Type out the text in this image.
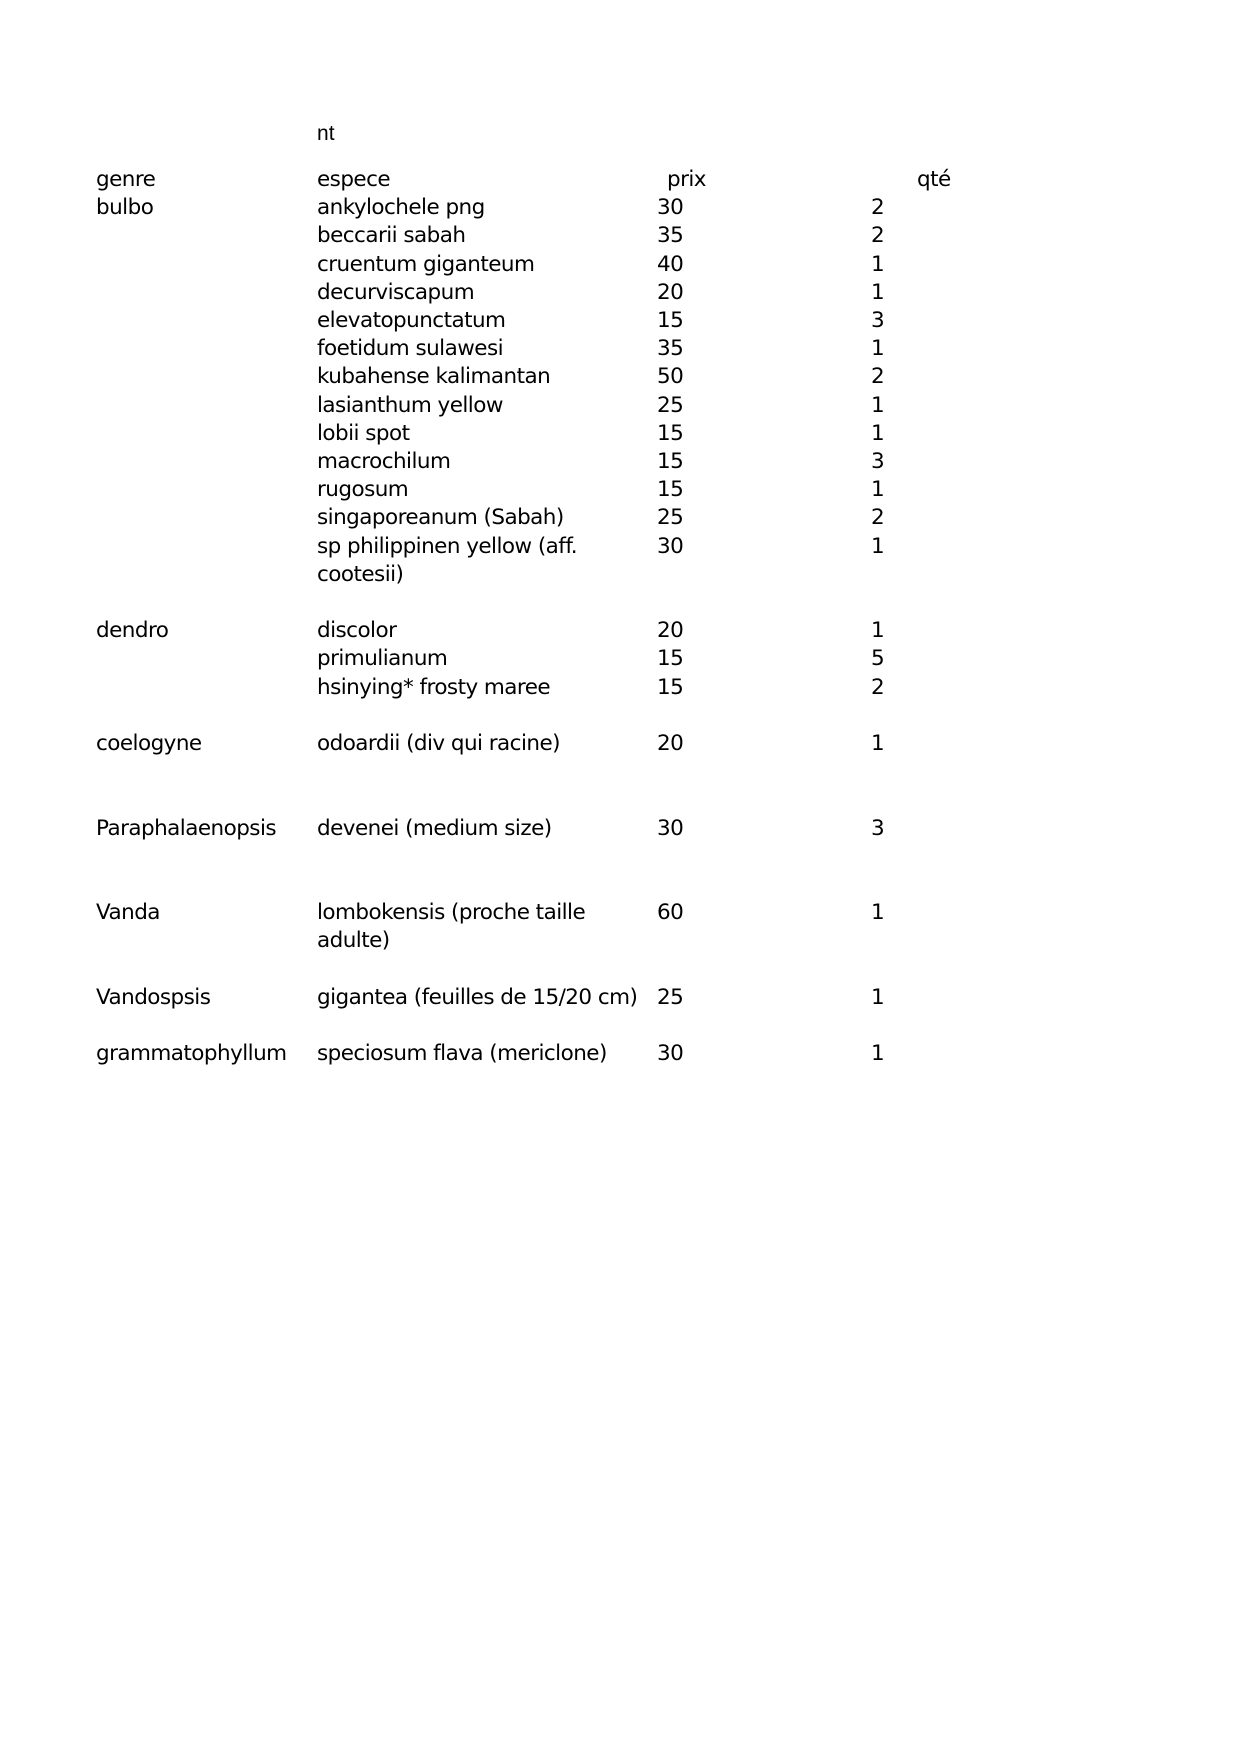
nt
genre	espece	prix	qté	
bulbo	ankylochele png	30	2	
	beccarii sabah	35	2	
	cruentum giganteum	40	1	
	decurviscapum	20	1	
	elevatopunctatum	15	3	
	foetidum sulawesi	35	1	
	kubahense kalimantan	50	2	
	lasianthum yellow	25	1	
	lobii spot	15	1	
	macrochilum	15	3	
	rugosum	15	1	
	singaporeanum (Sabah)	25	2	
	sp philippinen yellow (aff. cootesii)	30	1	

dendro	discolor	20	1	
	primulianum	15	5	
	hsinying* frosty maree	15	2	

coelogyne	odoardii (div qui racine)	20	1	

Paraphalaenopsis	devenei (medium size)	30	3	

Vanda	lombokensis (proche taille adulte)	60	1	

Vandospsis	gigantea (feuilles de 15/20 cm)	25	1	

grammatophyllum	speciosum flava (mericlone)	30	1	
